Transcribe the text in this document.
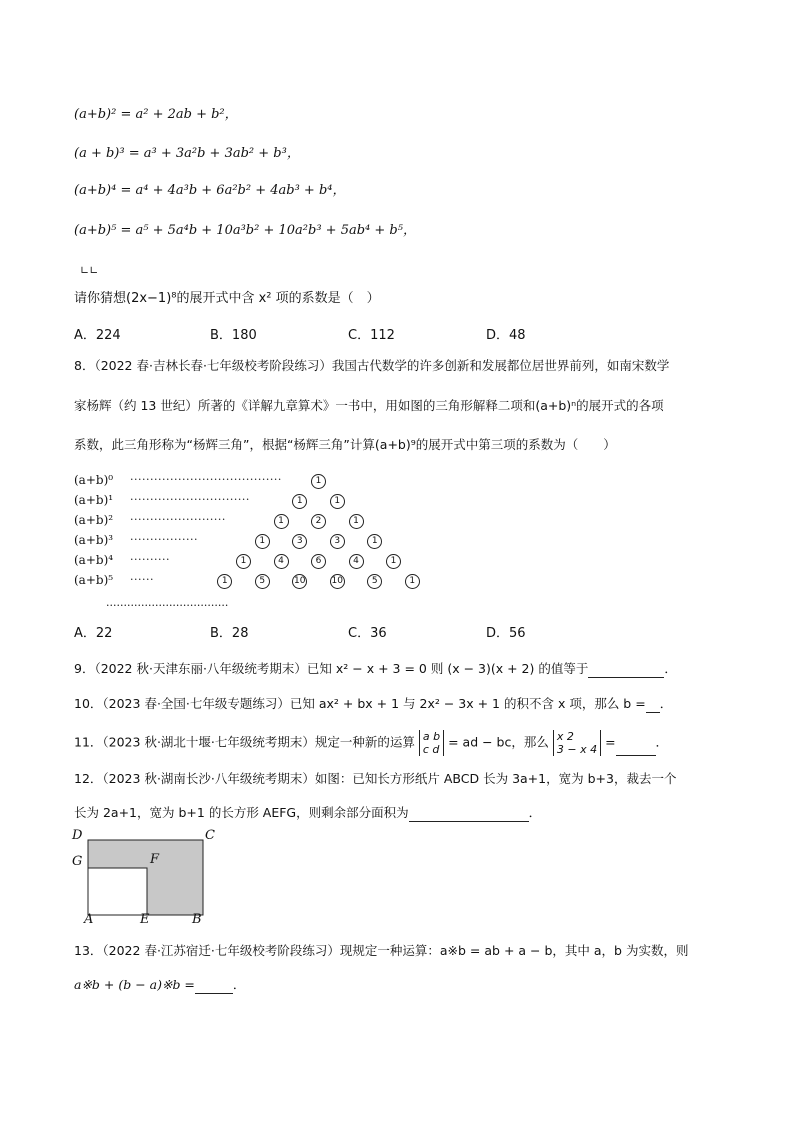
(a+b)² = a² + 2ab + b²，
(a + b)³ = a³ + 3a²b + 3ab² + b³，
(a+b)⁴ = a⁴ + 4a³b + 6a²b² + 4ab³ + b⁴，
(a+b)⁵ = a⁵ + 5a⁴b + 10a³b² + 10a²b³ + 5ab⁴ + b⁵，
∟∟
请你猜想(2x−1)⁸的展开式中含 x² 项的系数是（　）
A．224	B．180	C．112	D．48
8．（2022 春·吉林长春·七年级校考阶段练习）我国古代数学的许多创新和发展都位居世界前列，如南宋数学
家杨辉（约 13 世纪）所著的《详解九章算术》一书中，用如图的三角形解释二项和(a+b)ⁿ的展开式的各项
系数，此三角形称为“杨辉三角”，根据“杨辉三角”计算(a+b)⁹的展开式中第三项的系数为（　　）
(a+b)⁰ ······································	1
(a+b)¹ ······························	1	1
(a+b)² ························	1	2	1
(a+b)³ ·················	1	3	3	1
(a+b)⁴ ··········	1	4	6	4	1
(a+b)⁵ ······	1	5	10	10	5	1
···································
A．22	B．28	C．36	D．56
9．（2022 秋·天津东丽·八年级统考期末）已知 x² − x + 3 = 0 则 (x − 3)(x + 2) 的值等于	．
10．（2023 春·全国·七年级专题练习）已知 ax² + bx + 1 与 2x² − 3x + 1 的积不含 x 项，那么 b = ．
11．（2023 秋·湖北十堰·七年级统考期末）规定一种新的运算 a b
c d = ad − bc，那么 x 2
3 − x 4 =	．
12．（2023 秋·湖南长沙·八年级统考期末）如图：已知长方形纸片 ABCD 长为 3a+1，宽为 b+3，裁去一个
长为 2a+1，宽为 b+1 的长方形 AEFG，则剩余部分面积为	．
D	C
G	F
A	E	B
13．（2022 春·江苏宿迁·七年级校考阶段练习）现规定一种运算：a※b = ab + a − b，其中 a，b 为实数，则
a※b + (b − a)※b =	．
